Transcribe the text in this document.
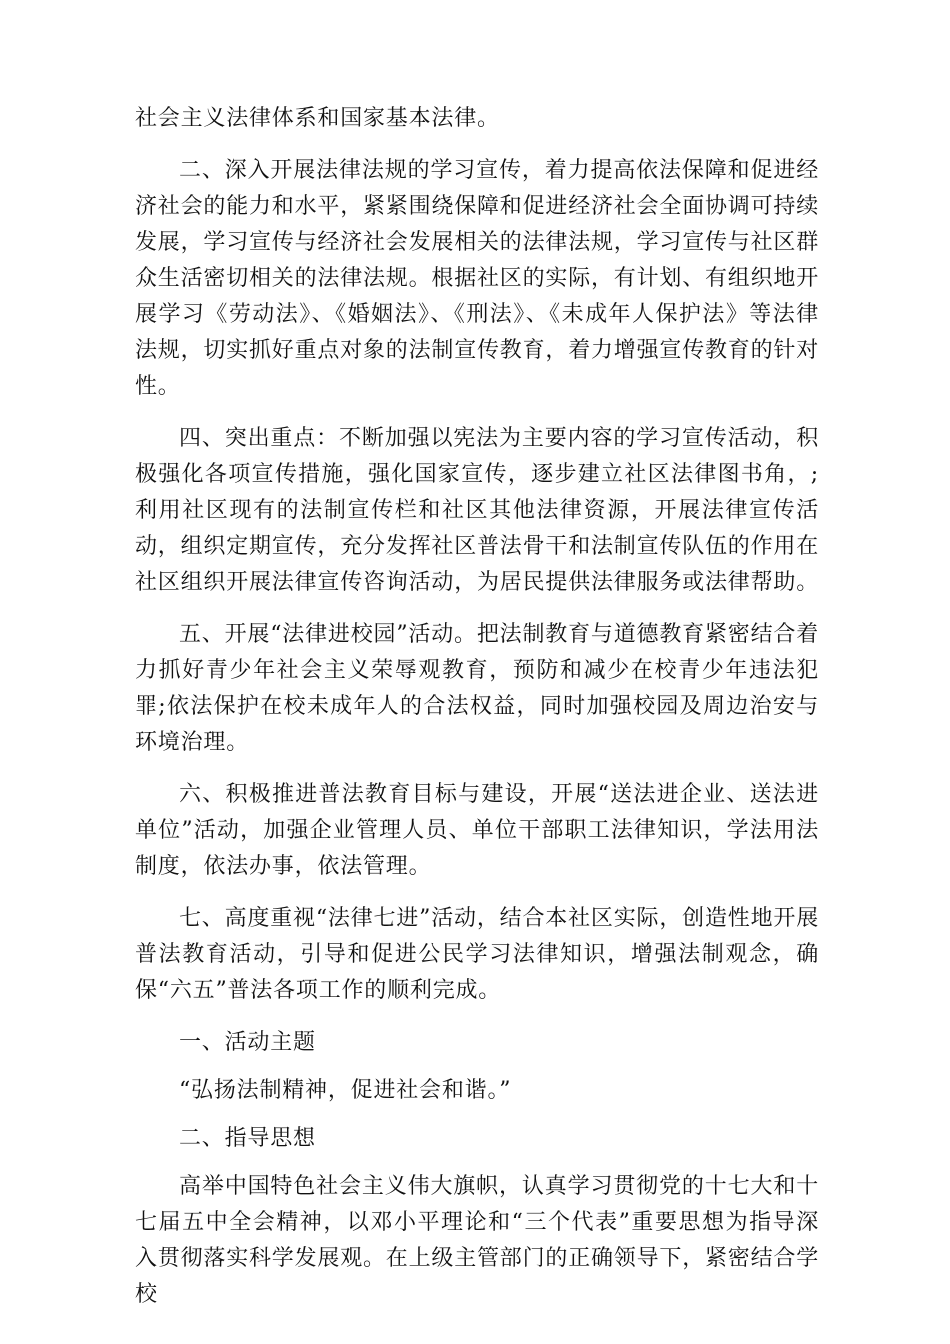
社会主义法律体系和国家基本法律。

二、深入开展法律法规的学习宣传，着力提高依法保障和促进经济社会的能力和水平，紧紧围绕保障和促进经济社会全面协调可持续发展，学习宣传与经济社会发展相关的法律法规，学习宣传与社区群众生活密切相关的法律法规。根据社区的实际，有计划、有组织地开展学习《劳动法》、《婚姻法》、《刑法》、《未成年人保护法》等法律法规，切实抓好重点对象的法制宣传教育，着力增强宣传教育的针对性。

四、突出重点：不断加强以宪法为主要内容的学习宣传活动，积极强化各项宣传措施，强化国家宣传，逐步建立社区法律图书角，;利用社区现有的法制宣传栏和社区其他法律资源，开展法律宣传活动，组织定期宣传，充分发挥社区普法骨干和法制宣传队伍的作用在社区组织开展法律宣传咨询活动，为居民提供法律服务或法律帮助。

五、开展“法律进校园”活动。把法制教育与道德教育紧密结合着力抓好青少年社会主义荣辱观教育，预防和减少在校青少年违法犯罪;依法保护在校未成年人的合法权益，同时加强校园及周边治安与环境治理。

六、积极推进普法教育目标与建设，开展“送法进企业、送法进单位”活动，加强企业管理人员、单位干部职工法律知识，学法用法制度，依法办事，依法管理。

七、高度重视“法律七进”活动，结合本社区实际，创造性地开展普法教育活动，引导和促进公民学习法律知识，增强法制观念，确保“六五”普法各项工作的顺利完成。

一、活动主题

“弘扬法制精神，促进社会和谐。”

二、指导思想

高举中国特色社会主义伟大旗帜，认真学习贯彻党的十七大和十七届五中全会精神，以邓小平理论和“三个代表”重要思想为指导深入贯彻落实科学发展观。在上级主管部门的正确领导下，紧密结合学校
